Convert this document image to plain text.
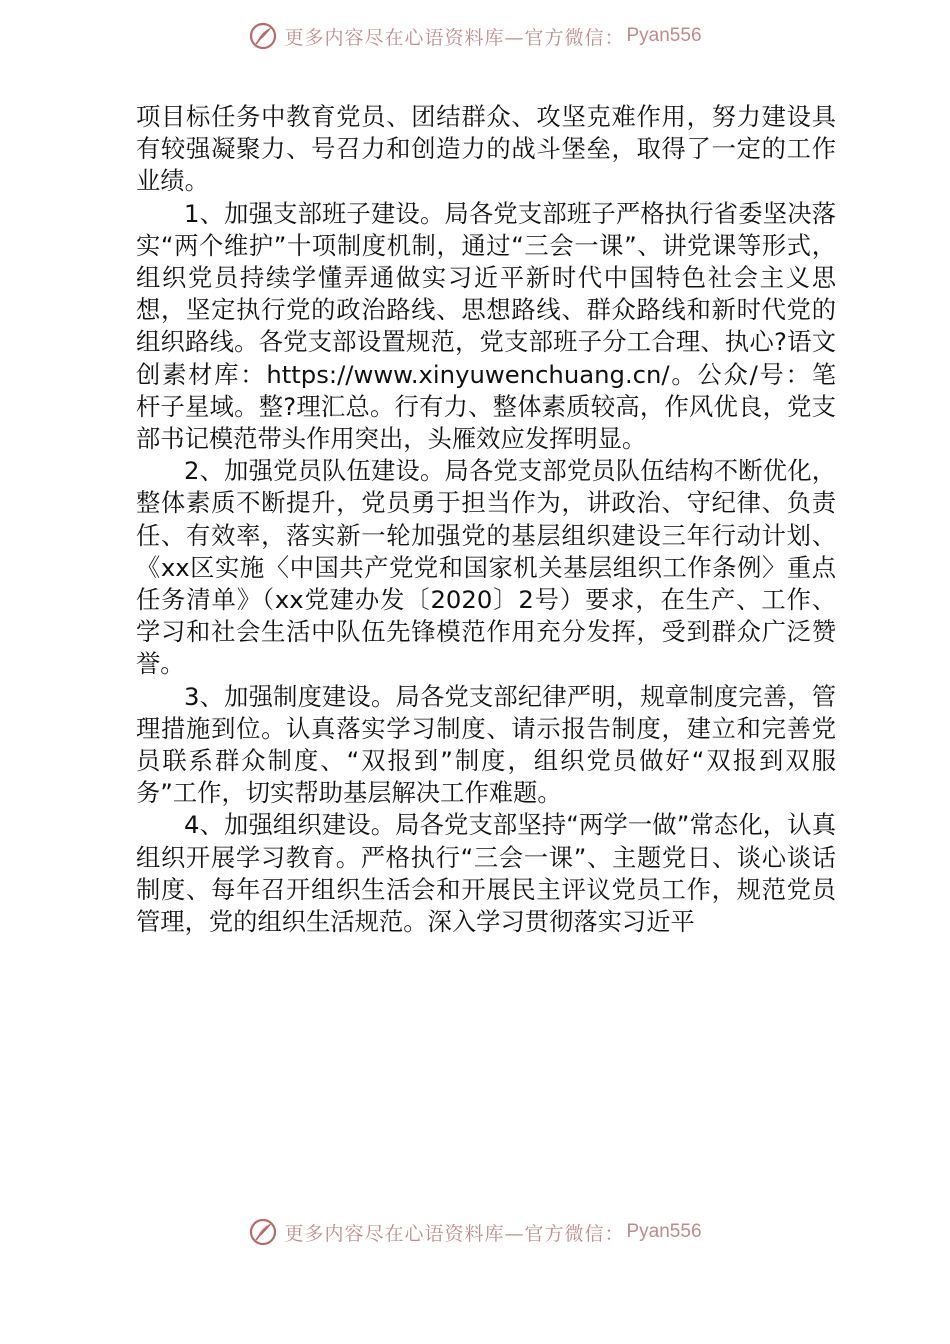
更多内容尽在心语资料库—官方微信： Pyan556

项目标任务中教育党员、团结群众、攻坚克难作用，努力建设具有较强凝聚力、号召力和创造力的战斗堡垒，取得了一定的工作业绩。

1、加强支部班子建设。局各党支部班子严格执行省委坚决落实“两个维护”十项制度机制，通过“三会一课”、讲党课等形式，组织党员持续学懂弄通做实习近平新时代中国特色社会主义思想，坚定执行党的政治路线、思想路线、群众路线和新时代党的组织路线。各党支部设置规范，党支部班子分工合理、执心?语文创素材库：https://www.xinyuwenchuang.cn/。公众/号：笔杆子星域。整?理汇总。行有力、整体素质较高，作风优良，党支部书记模范带头作用突出，头雁效应发挥明显。

2、加强党员队伍建设。局各党支部党员队伍结构不断优化，整体素质不断提升，党员勇于担当作为，讲政治、守纪律、负责任、有效率，落实新一轮加强党的基层组织建设三年行动计划、《xx区实施〈中国共产党党和国家机关基层组织工作条例〉重点任务清单》（xx党建办发〔2020〕2号）要求，在生产、工作、学习和社会生活中队伍先锋模范作用充分发挥，受到群众广泛赞誉。

3、加强制度建设。局各党支部纪律严明，规章制度完善，管理措施到位。认真落实学习制度、请示报告制度，建立和完善党员联系群众制度、“双报到”制度，组织党员做好“双报到双服务”工作，切实帮助基层解决工作难题。

4、加强组织建设。局各党支部坚持“两学一做”常态化，认真组织开展学习教育。严格执行“三会一课”、主题党日、谈心谈话制度、每年召开组织生活会和开展民主评议党员工作，规范党员管理，党的组织生活规范。深入学习贯彻落实习近平

更多内容尽在心语资料库—官方微信： Pyan556
